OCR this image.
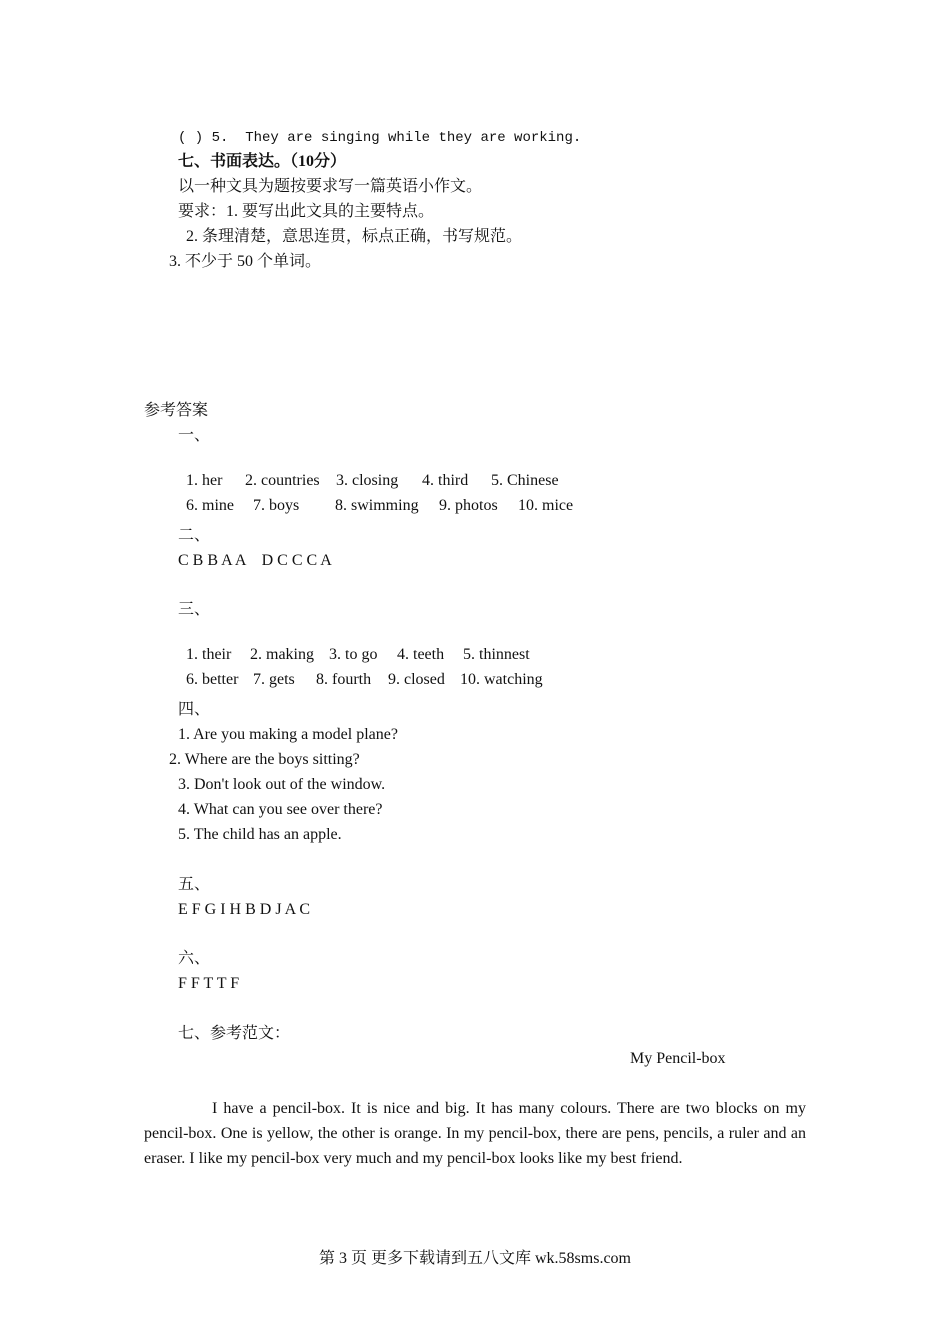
( ) 5.  They are singing while they are working.
七、书面表达。（10分）
以一种文具为题按要求写一篇英语小作文。
要求：1. 要写出此文具的主要特点。
2. 条理清楚，意思连贯，标点正确，书写规范。
3. 不少于 50 个单词。
参考答案
一、

1. her 2. countries 3. closing 4. third 5. Chinese

6. mine 7. boys 8. swimming 9. photos 10. mice

二、
C B B A A    D C C C A
三、

1. their 2. making 3. to go 4. teeth 5. thinnest

6. better 7. gets 8. fourth 9. closed 10. watching

四、
1. Are you making a model plane?
2. Where are the boys sitting?
3. Don't look out of the window.
4. What can you see over there?
5. The child has an apple.
五、
E F G I H B D J A C
六、
F F T T F
七、参考范文：
My Pencil-box
I have a pencil-box. It is nice and big. It has many colours. There are two blocks on my pencil-box. One is yellow, the other is orange. In my pencil-box, there are pens, pencils, a ruler and an eraser. I like my pencil-box very much and my pencil-box looks like my best friend.
第 3 页 更多下载请到五八文库 wk.58sms.com
